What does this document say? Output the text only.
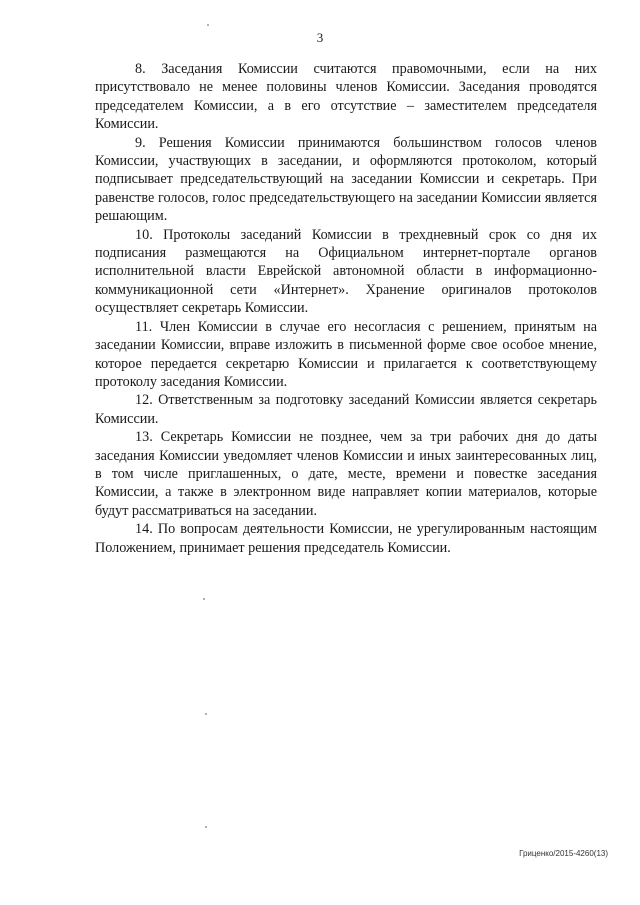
3

8. Заседания Комиссии считаются правомочными, если на них присутствовало не менее половины членов Комиссии. Заседания проводятся председателем Комиссии, а в его отсутствие – заместителем председателя Комиссии.

9. Решения Комиссии принимаются большинством голосов членов Комиссии, участвующих в заседании, и оформляются протоколом, который подписывает председательствующий на заседании Комиссии и секретарь. При равенстве голосов, голос председательствующего на заседании Комиссии является решающим.

10. Протоколы заседаний Комиссии в трехдневный срок со дня их подписания размещаются на Официальном интернет-портале органов исполнительной власти Еврейской автономной области в информационно-коммуникационной сети «Интернет». Хранение оригиналов протоколов осуществляет секретарь Комиссии.

11. Член Комиссии в случае его несогласия с решением, принятым на заседании Комиссии, вправе изложить в письменной форме свое особое мнение, которое передается секретарю Комиссии и прилагается к соответствующему протоколу заседания Комиссии.

12. Ответственным за подготовку заседаний Комиссии является секретарь Комиссии.

13. Секретарь Комиссии не позднее, чем за три рабочих дня до даты заседания Комиссии уведомляет членов Комиссии и иных заинтересованных лиц, в том числе приглашенных, о дате, месте, времени и повестке заседания Комиссии, а также в электронном виде направляет копии материалов, которые будут рассматриваться на заседании.

14. По вопросам деятельности Комиссии, не урегулированным настоящим Положением, принимает решения председатель Комиссии.

Гриценко/2015-4260(13)
